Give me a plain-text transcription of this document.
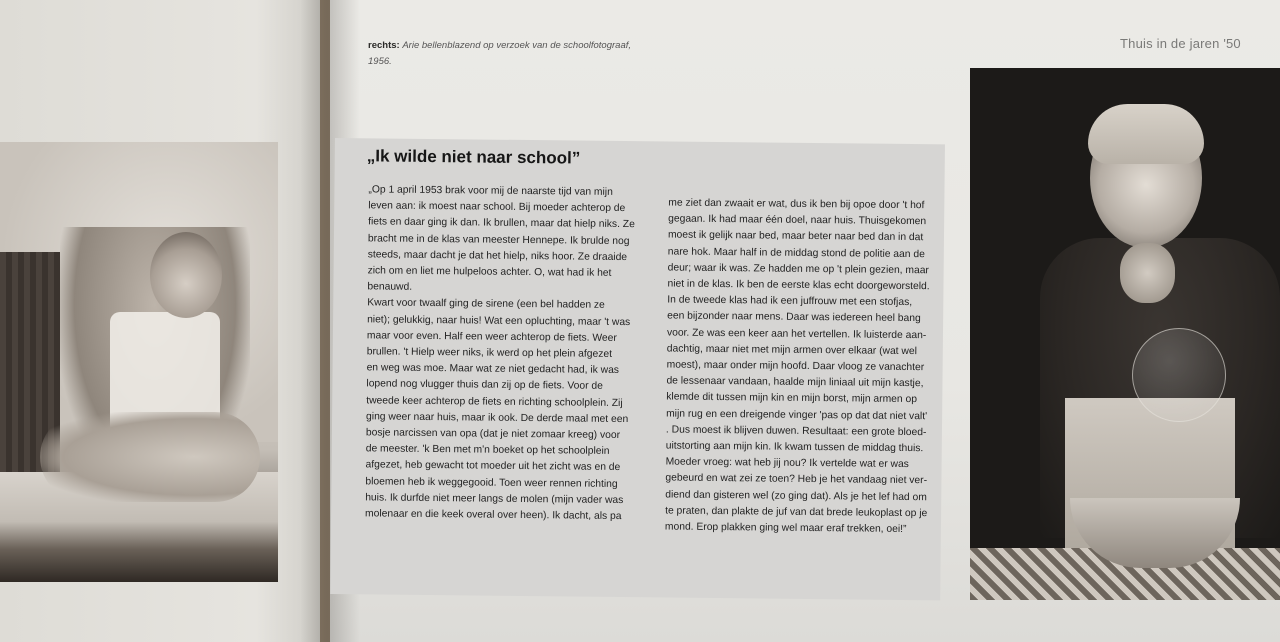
Thuis in de jaren '50
rechts: Arie bellenblazend op verzoek van de schoolfotograaf,
1956.
„Ik wilde niet naar school”

„Op 1 april 1953 brak voor mij de naarste tijd van mijn

leven aan: ik moest naar school. Bij moeder achterop de

fiets en daar ging ik dan. Ik brullen, maar dat hielp niks. Ze

bracht me in de klas van meester Hennepe. Ik brulde nog

steeds, maar dacht je dat het hielp, niks hoor. Ze draaide

zich om en liet me hulpeloos achter. O, wat had ik het

benauwd.

Kwart voor twaalf ging de sirene (een bel hadden ze

niet); gelukkig, naar huis! Wat een opluchting, maar 't was

maar voor even. Half een weer achterop de fiets. Weer

brullen. 't Hielp weer niks, ik werd op het plein afgezet

en weg was moe. Maar wat ze niet gedacht had, ik was

lopend nog vlugger thuis dan zij op de fiets. Voor de

tweede keer achterop de fiets en richting schoolplein. Zij

ging weer naar huis, maar ik ook. De derde maal met een

bosje narcissen van opa (dat je niet zomaar kreeg) voor

de meester. 'k Ben met m'n boeket op het schoolplein

afgezet, heb gewacht tot moeder uit het zicht was en de

bloemen heb ik weggegooid. Toen weer rennen richting

huis. Ik durfde niet meer langs de molen (mijn vader was

molenaar en die keek overal over heen). Ik dacht, als pa

me ziet dan zwaait er wat, dus ik ben bij opoe door 't hof

gegaan. Ik had maar één doel, naar huis. Thuisgekomen

moest ik gelijk naar bed, maar beter naar bed dan in dat

nare hok. Maar half in de middag stond de politie aan de

deur; waar ik was. Ze hadden me op 't plein gezien, maar

niet in de klas. Ik ben de eerste klas echt doorgeworsteld.

In de tweede klas had ik een juffrouw met een stofjas,

een bijzonder naar mens. Daar was iedereen heel bang

voor. Ze was een keer aan het vertellen. Ik luisterde aan-

dachtig, maar niet met mijn armen over elkaar (wat wel

moest), maar onder mijn hoofd. Daar vloog ze vanachter

de lessenaar vandaan, haalde mijn liniaal uit mijn kastje,

klemde dit tussen mijn kin en mijn borst, mijn armen op

mijn rug en een dreigende vinger 'pas op dat dat niet valt'

. Dus moest ik blijven duwen. Resultaat: een grote bloed-

uitstorting aan mijn kin. Ik kwam tussen de middag thuis.

Moeder vroeg: wat heb jij nou? Ik vertelde wat er was

gebeurd en wat zei ze toen? Heb je het vandaag niet ver-

diend dan gisteren wel (zo ging dat). Als je het lef had om

te praten, dan plakte de juf van dat brede leukoplast op je

mond. Erop plakken ging wel maar eraf trekken, oei!”
